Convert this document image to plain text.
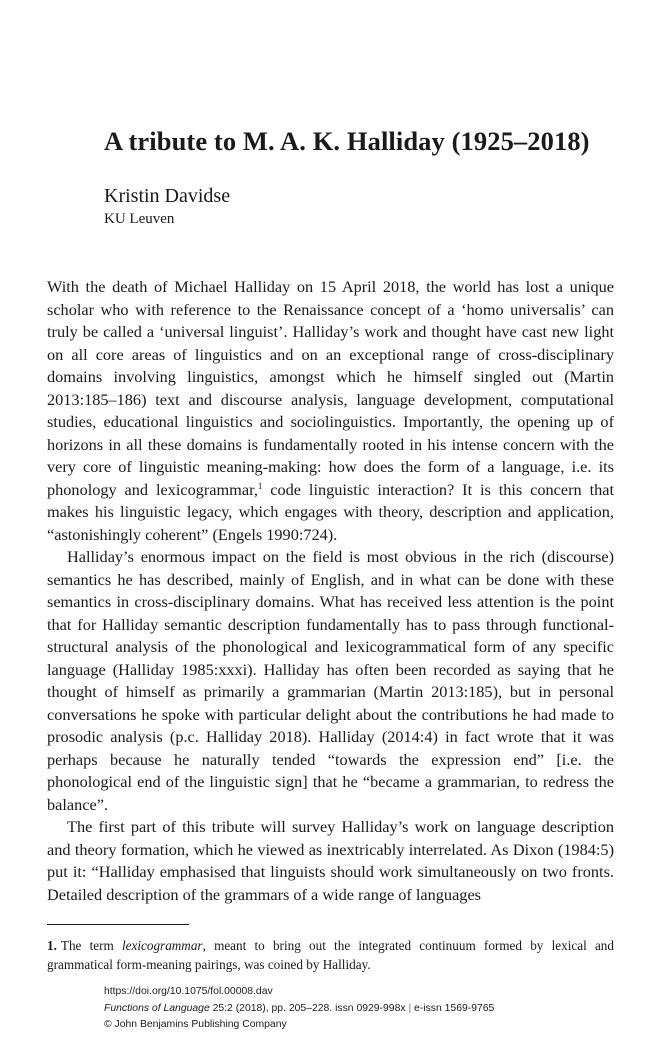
A tribute to M. A. K. Halliday (1925–2018)
Kristin Davidse
KU Leuven

With the death of Michael Halliday on 15 April 2018, the world has lost a unique scholar who with reference to the Renaissance concept of a ‘homo universalis’ can truly be called a ‘universal linguist’. Halliday’s work and thought have cast new light on all core areas of linguistics and on an exceptional range of cross-disciplinary domains involving linguistics, amongst which he himself singled out (Martin 2013:185–186) text and discourse analysis, language development, computational studies, educational linguistics and sociolinguistics. Importantly, the opening up of horizons in all these domains is fundamentally rooted in his intense concern with the very core of linguistic meaning-making: how does the form of a language, i.e. its phonology and lexicogrammar,$^1$ code linguistic interaction? It is this concern that makes his linguistic legacy, which engages with theory, description and application, “astonishingly coherent” (Engels 1990:724).

Halliday’s enormous impact on the field is most obvious in the rich (discourse) semantics he has described, mainly of English, and in what can be done with these semantics in cross-disciplinary domains. What has received less attention is the point that for Halliday semantic description fundamentally has to pass through functional-structural analysis of the phonological and lexicogrammatical form of any specific language (Halliday 1985:xxxi). Halliday has often been recorded as saying that he thought of himself as primarily a grammarian (Martin 2013:185), but in personal conversations he spoke with particular delight about the contributions he had made to prosodic analysis (p.c. Halliday 2018). Halliday (2014:4) in fact wrote that it was perhaps because he naturally tended “towards the expression end” [i.e. the phonological end of the linguistic sign] that he “became a grammarian, to redress the balance”.

The first part of this tribute will survey Halliday’s work on language description and theory formation, which he viewed as inextricably interrelated. As Dixon (1984:5) put it: “Halliday emphasised that linguists should work simultaneously on two fronts. Detailed description of the grammars of a wide range of languages

1. The term lexicogrammar, meant to bring out the integrated continuum formed by lexical and grammatical form-meaning pairings, was coined by Halliday.

https://doi.org/10.1075/fol.00008.dav
Functions of Language 25:2 (2018), pp. 205–228. issn 0929-998x | e-issn 1569-9765
© John Benjamins Publishing Company
